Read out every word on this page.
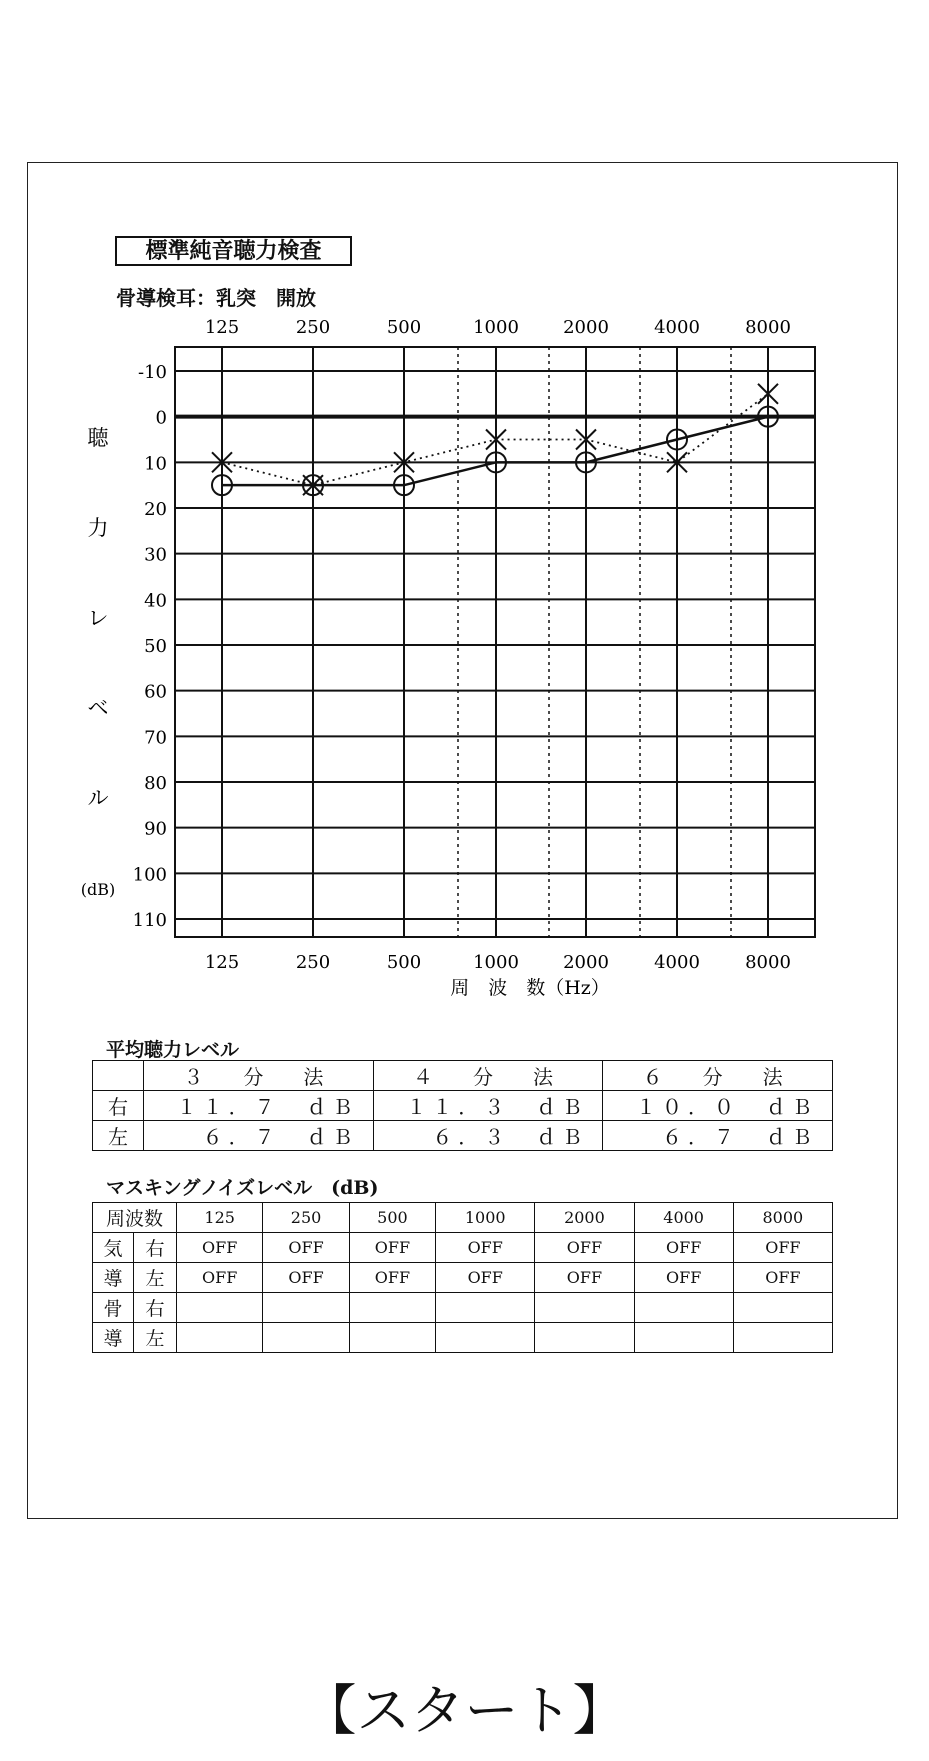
標準純音聴力検査
骨導検耳：乳突　開放
125
125
250
250
500
500
1000
1000
2000
2000
4000
4000
8000
8000
周　波　数（Hz）
-10
0
10
20
30
40
50
60
70
80
90
100
110
聴
力
レ
ベ
ル
(dB)
平均聴力レベル
	３　分　法	４　分　法	６　分　法
右	１１．７　ｄＢ	１１．３　ｄＢ	１０．０　ｄＢ
左	６．７　ｄＢ	６．３　ｄＢ	６．７　ｄＢ
マスキングノイズレベル　(dB)
周波数		125	250	500	1000	2000	4000	8000
気	右	OFF	OFF	OFF	OFF	OFF	OFF	OFF
導	左	OFF	OFF	OFF	OFF	OFF	OFF	OFF
骨	右							
導	左							
【スタート】
